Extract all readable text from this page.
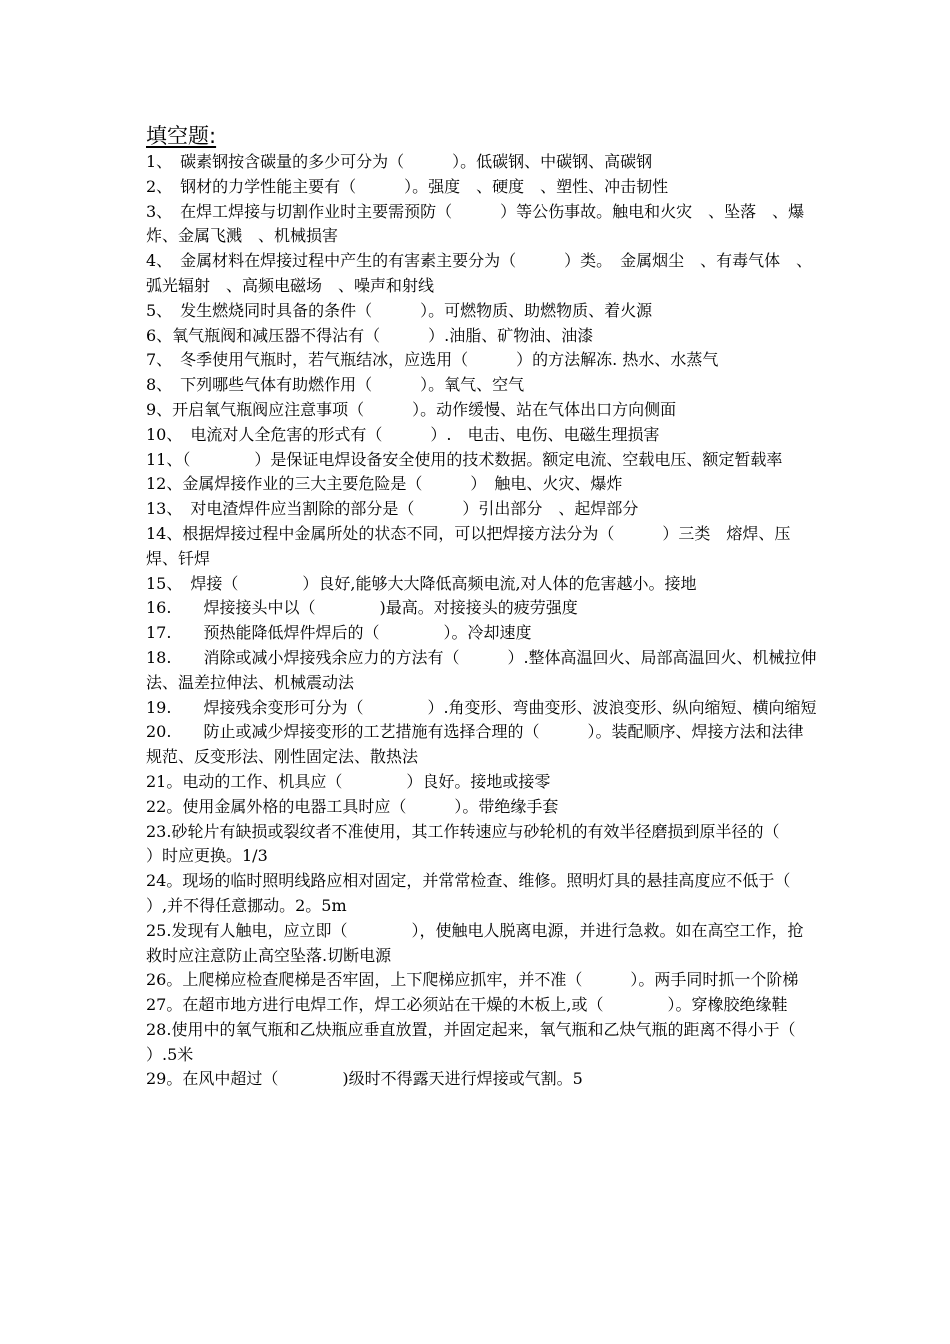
填空题:

1、　碳素钢按含碳量的多少可分为（　　　）。低碳钢、中碳钢、高碳钢

2、　钢材的力学性能主要有（　　　）。强度　、硬度　、塑性、冲击韧性

3、　在焊工焊接与切割作业时主要需预防（　　　）等公伤事故。触电和火灾　、坠落　、爆炸、金属飞溅　、机械损害

4、　金属材料在焊接过程中产生的有害素主要分为（　　　）类。　金属烟尘　、有毒气体　、弧光辐射　、高频电磁场　、噪声和射线

5、　发生燃烧同时具备的条件（　　　）。可燃物质、助燃物质、着火源

6、氧气瓶阀和减压器不得沾有（　　　）.油脂、矿物油、油漆

7、　冬季使用气瓶时，若气瓶结冰，应选用（　　　）的方法解冻. 热水、水蒸气

8、　下列哪些气体有助燃作用（　　　）。氧气、空气

9、开启氧气瓶阀应注意事项（　　　）。动作缓慢、站在气体出口方向侧面

10、　电流对人全危害的形式有（　　　）.　电击、电伤、电磁生理损害

11、（　　　　）是保证电焊设备安全使用的技术数据。额定电流、空载电压、额定暂载率

12、金属焊接作业的三大主要危险是（　　　）　触电、火灾、爆炸

13、　对电渣焊件应当割除的部分是（　　　）引出部分　、起焊部分

14、根据焊接过程中金属所处的状态不同，可以把焊接方法分为（　　　）三类　熔焊、压焊、钎焊

15、　焊接（　　　　）良好,能够大大降低高频电流,对人体的危害越小。接地

16.　　焊接接头中以（　　　　)最高。对接接头的疲劳强度

17.　　预热能降低焊件焊后的（　　　　）。冷却速度

18.　　消除或减小焊接残余应力的方法有（　　　）.整体高温回火、局部高温回火、机械拉伸法、温差拉伸法、机械震动法

19.　　焊接残余变形可分为（　　　　）.角变形、弯曲变形、波浪变形、纵向缩短、横向缩短

20.　　防止或减少焊接变形的工艺措施有选择合理的（　　　）。装配顺序、焊接方法和法律规范、反变形法、刚性固定法、散热法

21。电动的工作、机具应（　　　　）良好。接地或接零

22。使用金属外格的电器工具时应（　　　）。带绝缘手套

23.砂轮片有缺损或裂纹者不准使用，其工作转速应与砂轮机的有效半径磨损到原半径的（　　　）时应更换。1/3

24。现场的临时照明线路应相对固定，并常常检查、维修。照明灯具的悬挂高度应不低于（　　　　）,并不得任意挪动。2。5m

25.发现有人触电，应立即（　　　　），使触电人脱离电源，并进行急救。如在高空工作，抢救时应注意防止高空坠落.切断电源

26。上爬梯应检查爬梯是否牢固，上下爬梯应抓牢，并不准（　　　）。两手同时抓一个阶梯

27。在超市地方进行电焊工作，焊工必须站在干燥的木板上,或（　　　　）。穿橡胶绝缘鞋

28.使用中的氧气瓶和乙炔瓶应垂直放置，并固定起来，氧气瓶和乙炔气瓶的距离不得小于（　　　　）.5米

29。在风中超过（　　　　)级时不得露天进行焊接或气割。5
